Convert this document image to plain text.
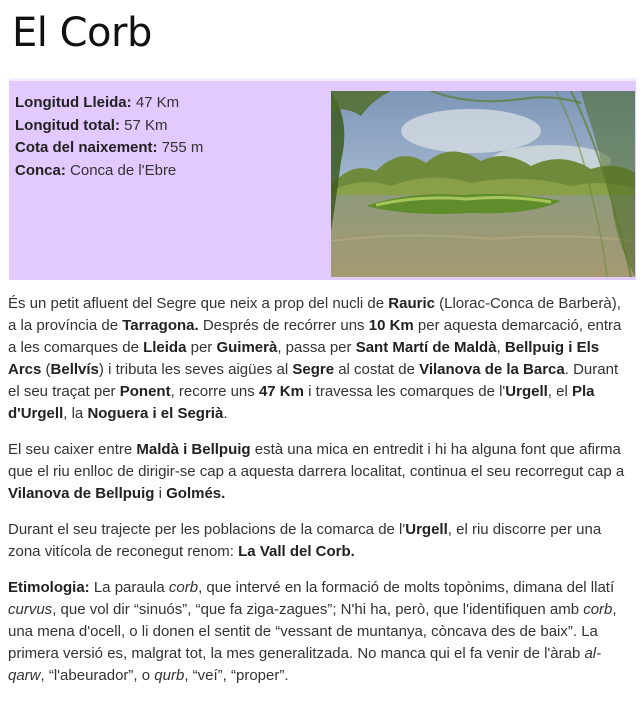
El Corb
Longitud Lleida: 47 Km
Longitud total: 57 Km
Cota del naixement: 755 m
Conca: Conca de l'Ebre

És un petit afluent del Segre que neix a prop del nucli de Rauric (Llorac-Conca de Barberà), a la província de Tarragona. Després de recórrer uns 10 Km per aquesta demarcació, entra a les comarques de Lleida per Guimerà, passa per Sant Martí de Maldà, Bellpuig i Els Arcs (Bellvís) i tributa les seves aigües al Segre al costat de Vilanova de la Barca. Durant el seu traçat per Ponent, recorre uns 47 Km i travessa les comarques de l'Urgell, el Pla d'Urgell, la Noguera i el Segrià.

El seu caixer entre Maldà i Bellpuig està una mica en entredit i hi ha alguna font que afirma que el riu enlloc de dirigir-se cap a aquesta darrera localitat, continua el seu recorregut cap a Vilanova de Bellpuig i Golmés.

Durant el seu trajecte per les poblacions de la comarca de l'Urgell, el riu discorre per una zona vitícola de reconegut renom: La Vall del Corb.

Etimologia: La paraula corb, que intervé en la formació de molts topònims, dimana del llatí curvus, que vol dir “sinuós”, “que fa ziga-zagues”; N'hi ha, però, que l'identifiquen amb corb, una mena d'ocell, o li donen el sentit de “vessant de muntanya, còncava des de baix”. La primera versió es, malgrat tot, la mes generalitzada. No manca qui el fa venir de l'àrab al-qarw, “l'abeurador”, o qurb, “veí”, “proper”.
